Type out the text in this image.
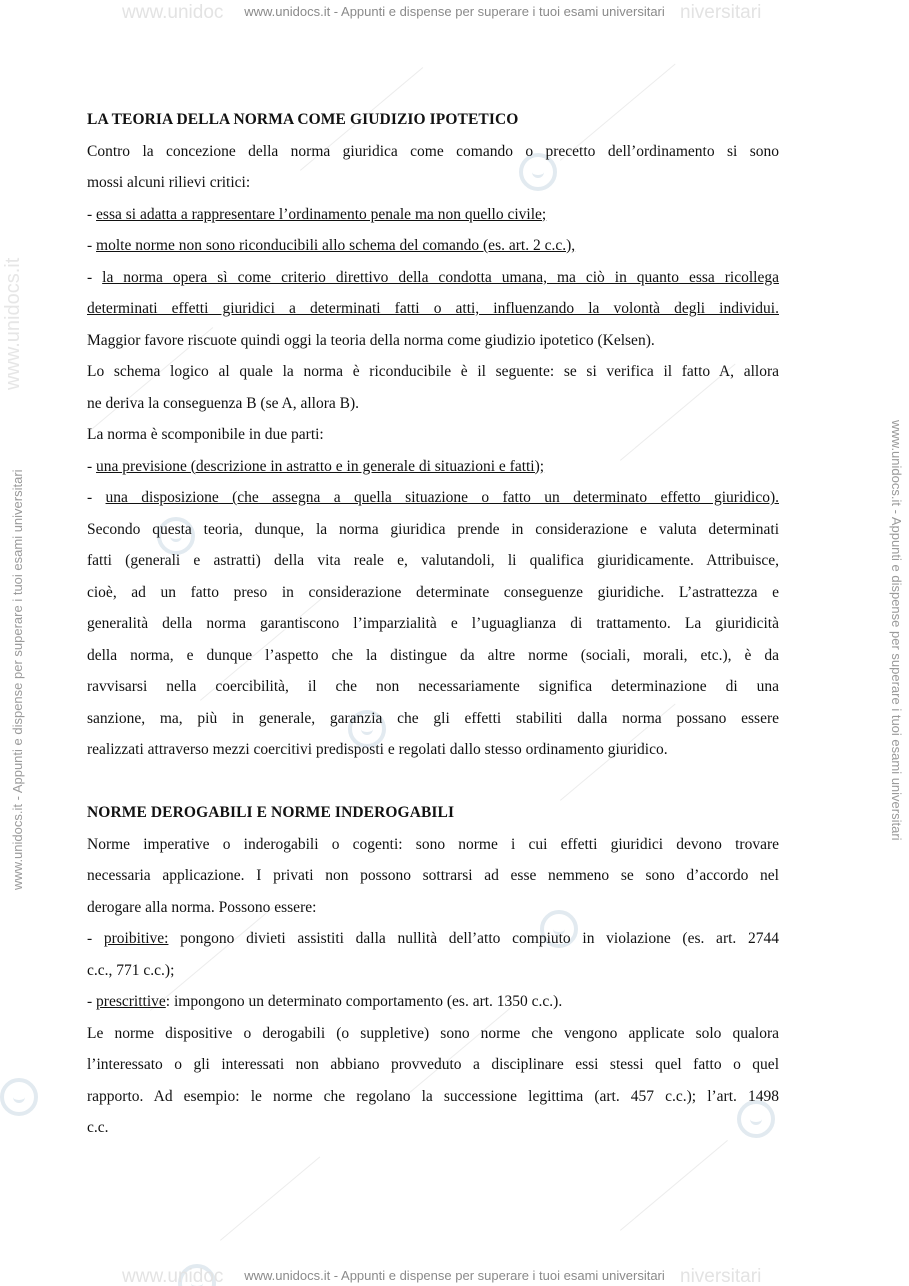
www.unidoc	niversitari
www.unidocs.it - Appunti e dispense per superare i tuoi esami universitari
www.unidoc	niversitari
www.unidocs.it - Appunti e dispense per superare i tuoi esami universitari
www.unidocs.it
www.unidocs.it - Appunti e dispense per superare i tuoi esami universitari	www.unidocs.it - Appunti e dispense per superare i tuoi esami universitari

LA TEORIA DELLA NORMA COME GIUDIZIO IPOTETICO

Contro la concezione della norma giuridica come comando o precetto dell’ordinamento si sono

mossi alcuni rilievi critici:

- essa si adatta a rappresentare l’ordinamento penale ma non quello civile;

- molte norme non sono riconducibili allo schema del comando (es. art. 2 c.c.),

- la norma opera sì come criterio direttivo della condotta umana, ma ciò in quanto essa ricollega

determinati effetti giuridici a determinati fatti o atti, influenzando la volontà degli individui.

Maggior favore riscuote quindi oggi la teoria della norma come giudizio ipotetico (Kelsen).

Lo schema logico al quale la norma è riconducibile è il seguente: se si verifica il fatto A, allora

ne deriva la conseguenza B (se A, allora B).

La norma è scomponibile in due parti:

- una previsione (descrizione in astratto e in generale di situazioni e fatti);

- una disposizione (che assegna a quella situazione o fatto un determinato effetto giuridico).

Secondo questa teoria, dunque, la norma giuridica prende in considerazione e valuta determinati

fatti (generali e astratti) della vita reale e, valutandoli, li qualifica giuridicamente. Attribuisce,

cioè, ad un fatto preso in considerazione determinate conseguenze giuridiche. L’astrattezza e

generalità della norma garantiscono l’imparzialità e l’uguaglianza di trattamento. La giuridicità

della norma, e dunque l’aspetto che la distingue da altre norme (sociali, morali, etc.), è da

ravvisarsi nella coercibilità, il che non necessariamente significa determinazione di una

sanzione, ma, più in generale, garanzia che gli effetti stabiliti dalla norma possano essere

realizzati attraverso mezzi coercitivi predisposti e regolati dallo stesso ordinamento giuridico.

NORME DEROGABILI E NORME INDEROGABILI

Norme imperative o inderogabili o cogenti: sono norme i cui effetti giuridici devono trovare

necessaria applicazione. I privati non possono sottrarsi ad esse nemmeno se sono d’accordo nel

derogare alla norma. Possono essere:

- proibitive: pongono divieti assistiti dalla nullità dell’atto compiuto in violazione (es. art. 2744

c.c., 771 c.c.);

- prescrittive: impongono un determinato comportamento (es. art. 1350 c.c.).

Le norme dispositive o derogabili (o suppletive) sono norme che vengono applicate solo qualora

l’interessato o gli interessati non abbiano provveduto a disciplinare essi stessi quel fatto o quel

rapporto. Ad esempio: le norme che regolano la successione legittima (art. 457 c.c.); l’art. 1498

c.c.
